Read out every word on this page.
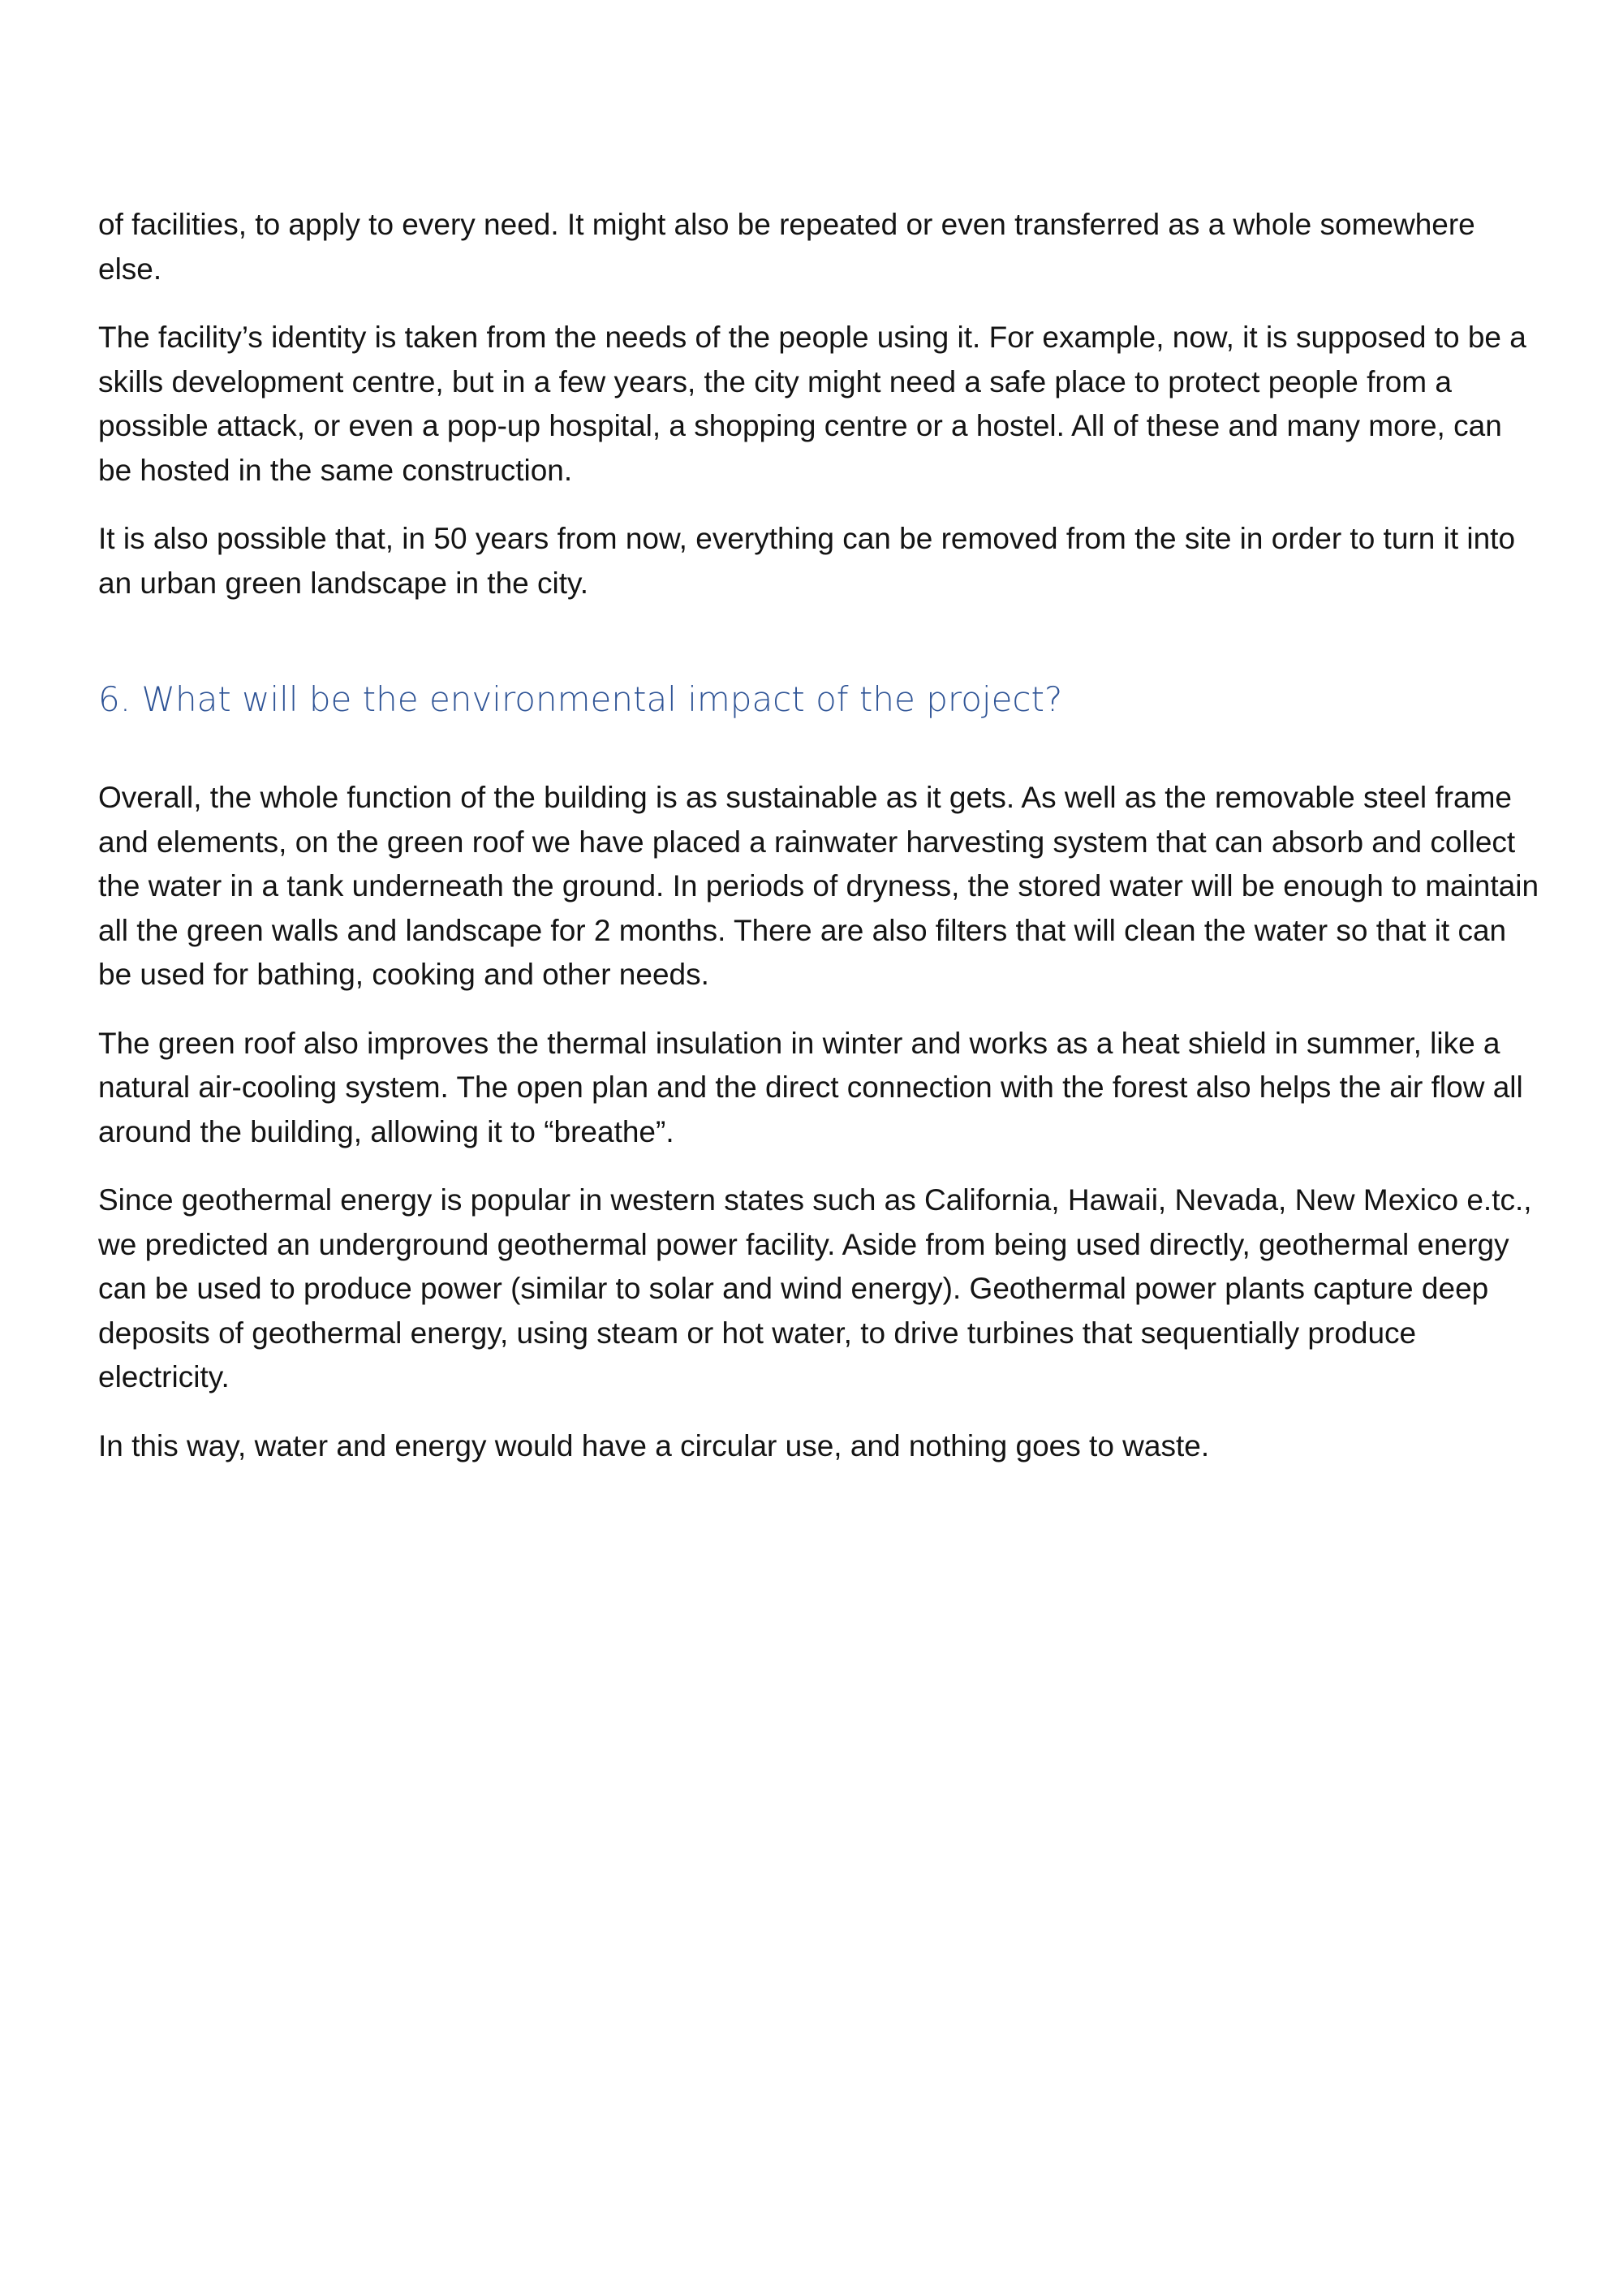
of facilities, to apply to every need. It might also be repeated or even transferred as a whole somewhere else.

The facility’s identity is taken from the needs of the people using it. For example, now, it is supposed to be a skills development centre, but in a few years, the city might need a safe place to protect people from a possible attack, or even a pop-up hospital, a shopping centre or a hostel. All of these and many more, can be hosted in the same construction.

It is also possible that, in 50 years from now, everything can be removed from the site in order to turn it into an urban green landscape in the city.

6. What will be the environmental impact of the project?

Overall, the whole function of the building is as sustainable as it gets. As well as the removable steel frame and elements, on the green roof we have placed a rainwater harvesting system that can absorb and collect the water in a tank underneath the ground. In periods of dryness, the stored water will be enough to maintain all the green walls and landscape for 2 months. There are also filters that will clean the water so that it can be used for bathing, cooking and other needs.

The green roof also improves the thermal insulation in winter and works as a heat shield in summer, like a natural air-cooling system. The open plan and the direct connection with the forest also helps the air flow all around the building, allowing it to “breathe”.

Since geothermal energy is popular in western states such as California, Hawaii, Nevada, New Mexico e.tc., we predicted an underground geothermal power facility. Aside from being used directly, geothermal energy can be used to produce power (similar to solar and wind energy). Geothermal power plants capture deep deposits of geothermal energy, using steam or hot water, to drive turbines that sequentially produce electricity.

In this way, water and energy would have a circular use, and nothing goes to waste.
